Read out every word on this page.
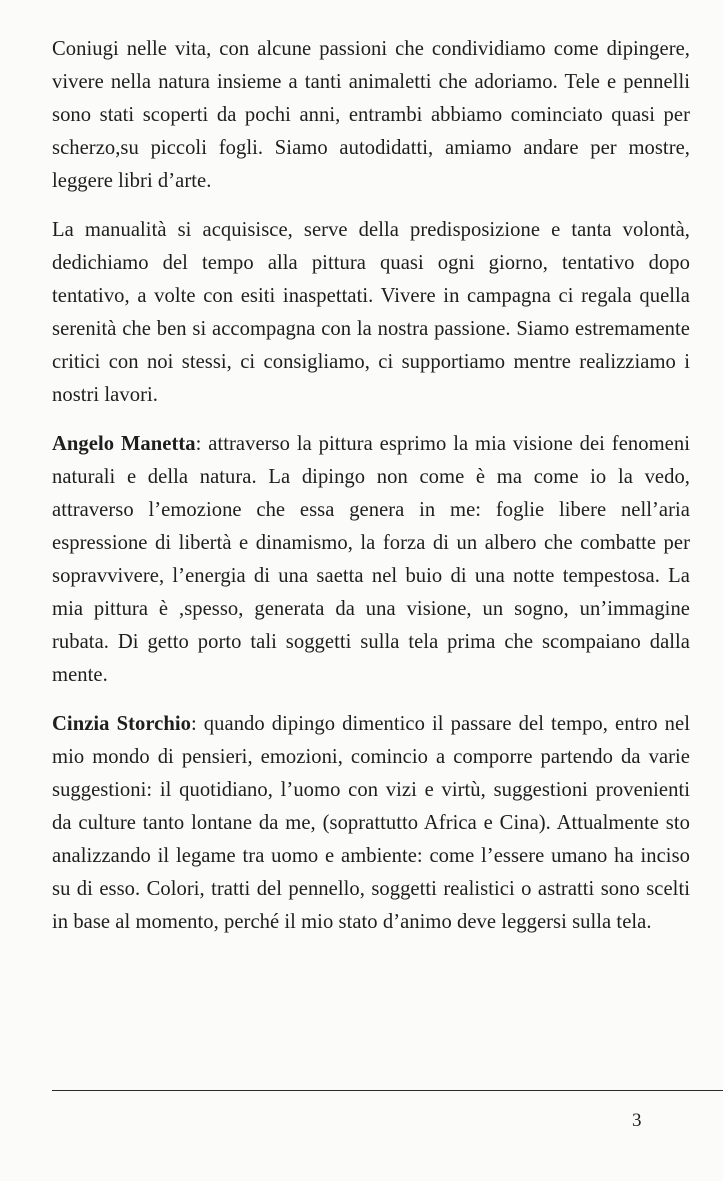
Coniugi nelle vita, con alcune passioni che condividiamo come dipingere, vivere nella natura insieme a tanti animaletti che adoriamo. Tele e pennelli sono stati scoperti da pochi anni, entrambi abbiamo cominciato quasi per scherzo,su piccoli fogli. Siamo autodidatti, amiamo andare per mostre, leggere libri d’arte.

La manualità si acquisisce, serve della predisposizione e tanta volontà, dedichiamo del tempo alla pittura quasi ogni giorno, tentativo dopo tentativo, a volte con esiti inaspettati. Vivere in campagna ci regala quella serenità che ben si accompagna con la nostra passione. Siamo estremamente critici con noi stessi, ci consigliamo, ci supportiamo mentre realizziamo i nostri lavori.

Angelo Manetta: attraverso la pittura esprimo la mia visione dei fenomeni naturali e della natura. La dipingo non come è ma come io la vedo, attraverso l’emozione che essa genera in me: foglie libere nell’aria espressione di libertà e dinamismo, la forza di un albero che combatte per sopravvivere, l’energia di una saetta nel buio di una notte tempestosa. La mia pittura è ,spesso, generata da una visione, un sogno, un’immagine rubata. Di getto porto tali soggetti sulla tela prima che scompaiano dalla mente.

Cinzia Storchio: quando dipingo dimentico il passare del tempo, entro nel mio mondo di pensieri, emozioni, comincio a comporre partendo da varie suggestioni: il quotidiano, l’uomo con vizi e virtù, suggestioni provenienti da culture tanto lontane da me, (soprattutto Africa e Cina). Attualmente sto analizzando il legame tra uomo e ambiente: come l’essere umano ha inciso su di esso. Colori, tratti del pennello, soggetti realistici o astratti sono scelti in base al momento, perché il mio stato d’animo deve leggersi sulla tela.

3
